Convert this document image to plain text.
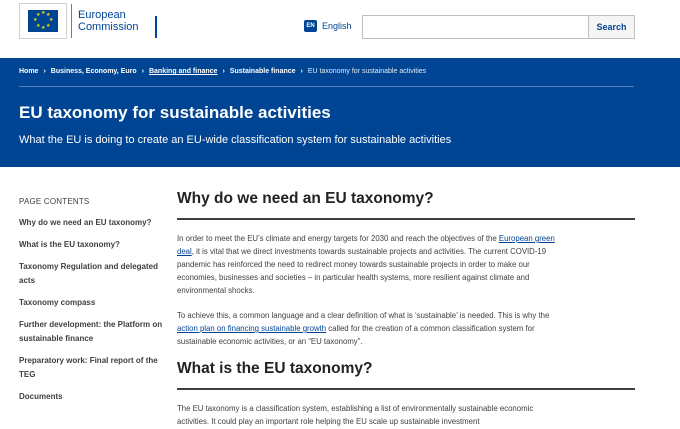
★ ★
★
★
★
★
★
★	European
Commission	EN English	Search
Home › Business, Economy, Euro › Banking and finance › Sustainable finance › EU taxonomy for sustainable activities
EU taxonomy for sustainable activities
What the EU is doing to create an EU-wide classification system for sustainable activities
PAGE CONTENTS
Why do we need an EU taxonomy?
What is the EU taxonomy?
Taxonomy Regulation and delegated acts
Taxonomy compass
Further development: the Platform on sustainable finance
Preparatory work: Final report of the TEG
Documents
Why do we need an EU taxonomy?

In order to meet the EU’s climate and energy targets for 2030 and reach the objectives of the European green deal, it is vital that we direct investments towards sustainable projects and activities. The current COVID-19 pandemic has reinforced the need to redirect money towards sustainable projects in order to make our economies, businesses and societies – in particular health systems, more resilient against climate and environmental shocks.

To achieve this, a common language and a clear definition of what is ‘sustainable’ is needed. This is why the action plan on financing sustainable growth called for the creation of a common classification system for sustainable economic activities, or an “EU taxonomy”.

What is the EU taxonomy?

The EU taxonomy is a classification system, establishing a list of environmentally sustainable economic activities. It could play an important role helping the EU scale up sustainable investment
